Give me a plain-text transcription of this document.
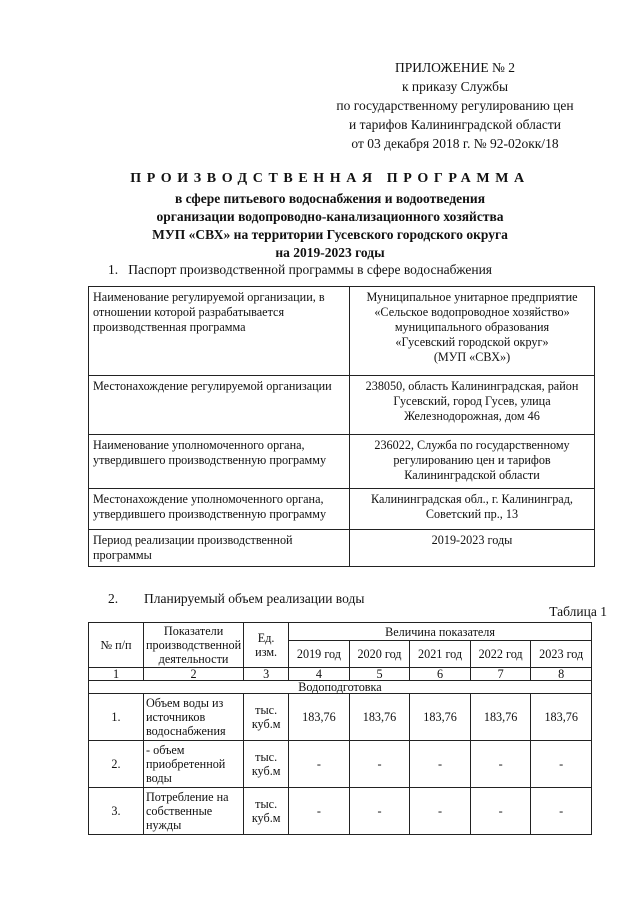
ПРИЛОЖЕНИЕ № 2
к приказу Службы
по государственному регулированию цен
и тарифов Калининградской области
от 03 декабря 2018 г. № 92-02окк/18
ПРОИЗВОДСТВЕННАЯ ПРОГРАММА
в сфере питьевого водоснабжения и водоотведения
организации водопроводно-канализационного хозяйства
МУП «СВХ» на территории Гусевского городского округа
на 2019-2023 годы
1. Паспорт производственной программы в сфере водоснабжения
Наименование регулируемой организации, в отношении которой разрабатывается производственная программа	Муниципальное унитарное предприятие
«Сельское водопроводное хозяйство»
муниципального образования
«Гусевский городской округ»
(МУП «СВХ»)

Местонахождение регулируемой организации	238050, область Калининградская, район
Гусевский, город Гусев, улица
Железнодорожная, дом 46

Наименование уполномоченного органа, утвердившего производственную программу	236022, Служба по государственному
регулированию цен и тарифов
Калининградской области

Местонахождение уполномоченного органа, утвердившего производственную программу	Калининградская обл., г. Калининград,
Советский пр., 13

Период реализации производственной программы	2019-2023 годы
2. Планируемый объем реализации воды
Таблица 1
№ п/п	Показатели производственной деятельности	Ед. изм.	Величина показателя				
			2019 год	2020 год	2021 год	2022 год	2023 год
1	2	3	4	5	6	7	8
Водоподготовка							
1.	Объем воды из источников водоснабжения	тыс. куб.м	183,76	183,76	183,76	183,76	183,76
2.	- объем приобретенной воды	тыс. куб.м	-	-	-	-	-
3.	Потребление на собственные нужды	тыс. куб.м	-	-	-	-	-
